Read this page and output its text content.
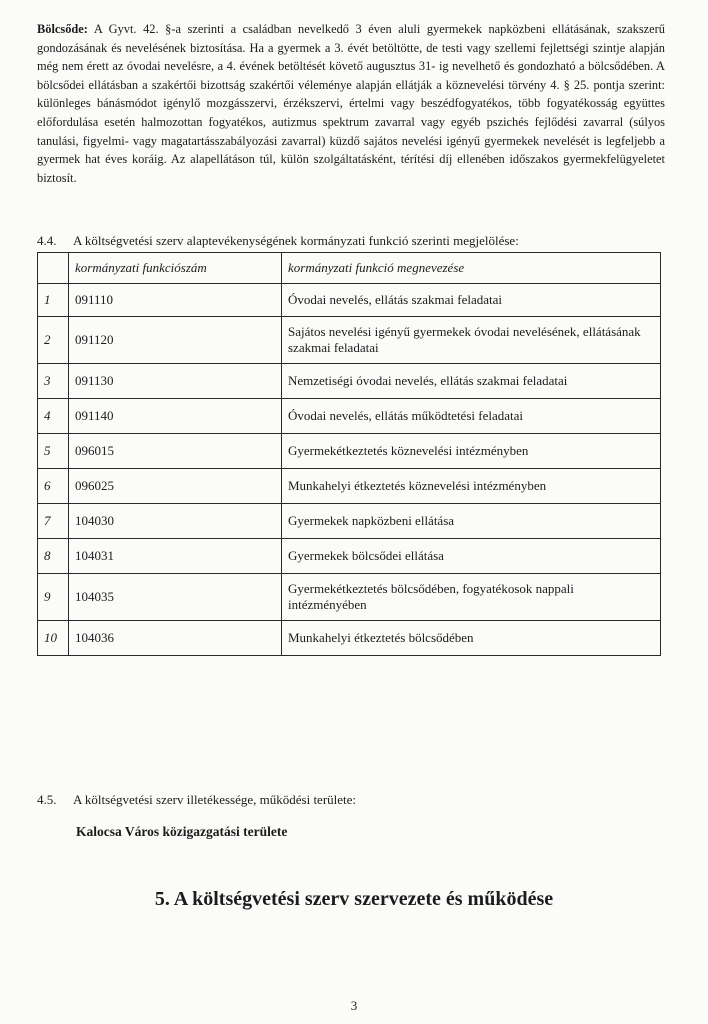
Bölcsőde: A Gyvt. 42. §-a szerinti a családban nevelkedő 3 éven aluli gyermekek napközbeni ellátásának, szakszerű gondozásának és nevelésének biztosítása. Ha a gyermek a 3. évét betöltötte, de testi vagy szellemi fejlettségi szintje alapján még nem érett az óvodai nevelésre, a 4. évének betöltését követő augusztus 31- ig nevelhető és gondozható a bölcsődében. A bölcsődei ellátásban a szakértői bizottság szakértői véleménye alapján ellátják a köznevelési törvény 4. § 25. pontja szerint: különleges bánásmódot igénylő mozgásszervi, érzékszervi, értelmi vagy beszédfogyatékos, több fogyatékosság együttes előfordulása esetén halmozottan fogyatékos, autizmus spektrum zavarral vagy egyéb pszichés fejlődési zavarral (súlyos tanulási, figyelmi- vagy magatartásszabályozási zavarral) küzdő sajátos nevelési igényű gyermekek nevelését is legfeljebb a gyermek hat éves koráig. Az alapellátáson túl, külön szolgáltatásként, térítési díj ellenében időszakos gyermekfelügyeletet biztosít.

4.4. A költségvetési szerv alaptevékenységének kormányzati funkció szerinti megjelölése:
	kormányzati funkciószám	kormányzati funkció megnevezése
1	091110	Óvodai nevelés, ellátás szakmai feladatai
2	091120	Sajátos nevelési igényű gyermekek óvodai nevelésének, ellátásának szakmai feladatai
3	091130	Nemzetiségi óvodai nevelés, ellátás szakmai feladatai
4	091140	Óvodai nevelés, ellátás működtetési feladatai
5	096015	Gyermekétkeztetés köznevelési intézményben
6	096025	Munkahelyi étkeztetés köznevelési intézményben
7	104030	Gyermekek napközbeni ellátása
8	104031	Gyermekek bölcsődei ellátása
9	104035	Gyermekétkeztetés bölcsődében, fogyatékosok nappali intézményében
10	104036	Munkahelyi étkeztetés bölcsődében
4.5. A költségvetési szerv illetékessége, működési területe:
Kalocsa Város közigazgatási területe
5. A költségvetési szerv szervezete és működése
3
